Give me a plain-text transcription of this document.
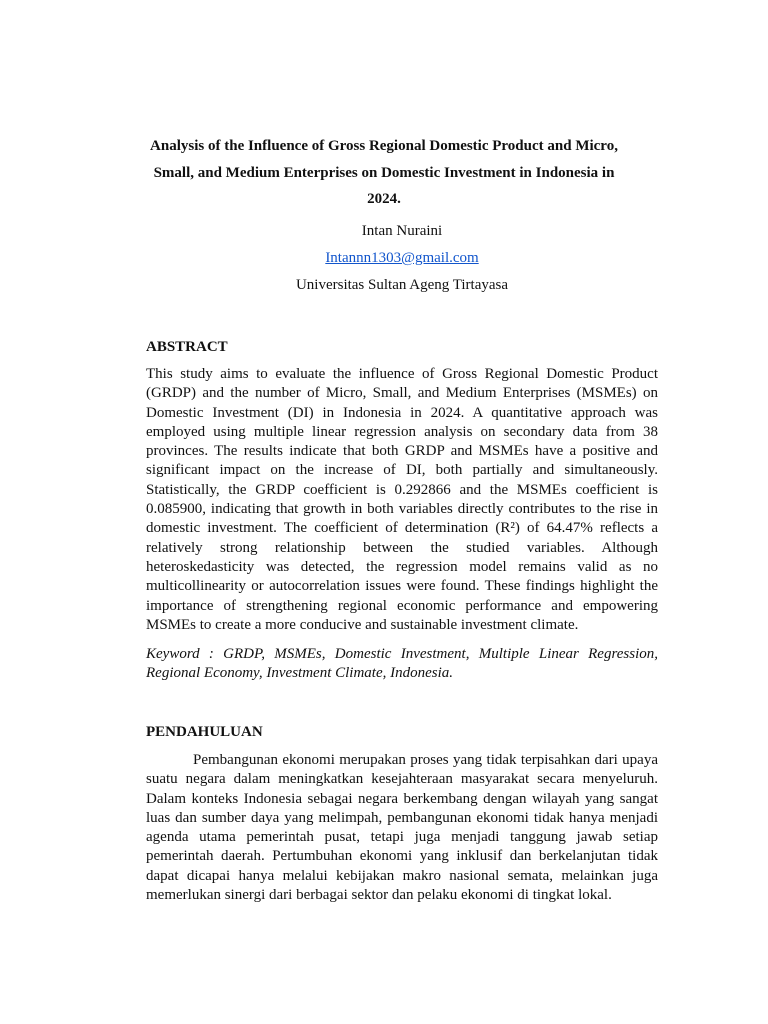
Analysis of the Influence of Gross Regional Domestic Product and Micro, Small, and Medium Enterprises on Domestic Investment in Indonesia in 2024.

Intan Nuraini

Intannn1303@gmail.com

Universitas Sultan Ageng Tirtayasa

ABSTRACT

This study aims to evaluate the influence of Gross Regional Domestic Product (GRDP) and the number of Micro, Small, and Medium Enterprises (MSMEs) on Domestic Investment (DI) in Indonesia in 2024. A quantitative approach was employed using multiple linear regression analysis on secondary data from 38 provinces. The results indicate that both GRDP and MSMEs have a positive and significant impact on the increase of DI, both partially and simultaneously. Statistically, the GRDP coefficient is 0.292866 and the MSMEs coefficient is 0.085900, indicating that growth in both variables directly contributes to the rise in domestic investment. The coefficient of determination (R²) of 64.47% reflects a relatively strong relationship between the studied variables. Although heteroskedasticity was detected, the regression model remains valid as no multicollinearity or autocorrelation issues were found. These findings highlight the importance of strengthening regional economic performance and empowering MSMEs to create a more conducive and sustainable investment climate.

Keyword : GRDP, MSMEs, Domestic Investment, Multiple Linear Regression, Regional Economy, Investment Climate, Indonesia.

PENDAHULUAN

Pembangunan ekonomi merupakan proses yang tidak terpisahkan dari upaya suatu negara dalam meningkatkan kesejahteraan masyarakat secara menyeluruh. Dalam konteks Indonesia sebagai negara berkembang dengan wilayah yang sangat luas dan sumber daya yang melimpah, pembangunan ekonomi tidak hanya menjadi agenda utama pemerintah pusat, tetapi juga menjadi tanggung jawab setiap pemerintah daerah. Pertumbuhan ekonomi yang inklusif dan berkelanjutan tidak dapat dicapai hanya melalui kebijakan makro nasional semata, melainkan juga memerlukan sinergi dari berbagai sektor dan pelaku ekonomi di tingkat lokal.
